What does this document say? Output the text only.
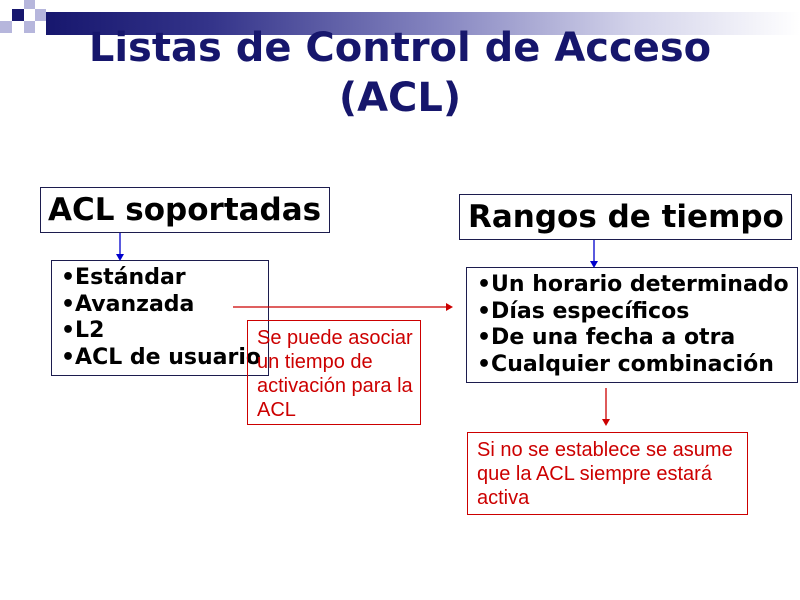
Listas de Control de Acceso
(ACL)
ACL soportadas
•Estándar
•Avanzada
•L2
•ACL de usuario
Se puede asociar
un tiempo de
activación para la
ACL
Rangos de tiempo
•Un horario determinado
•Días específicos
•De una fecha a otra
•Cualquier combinación
Si no se establece se asume
que la ACL siempre estará
activa
